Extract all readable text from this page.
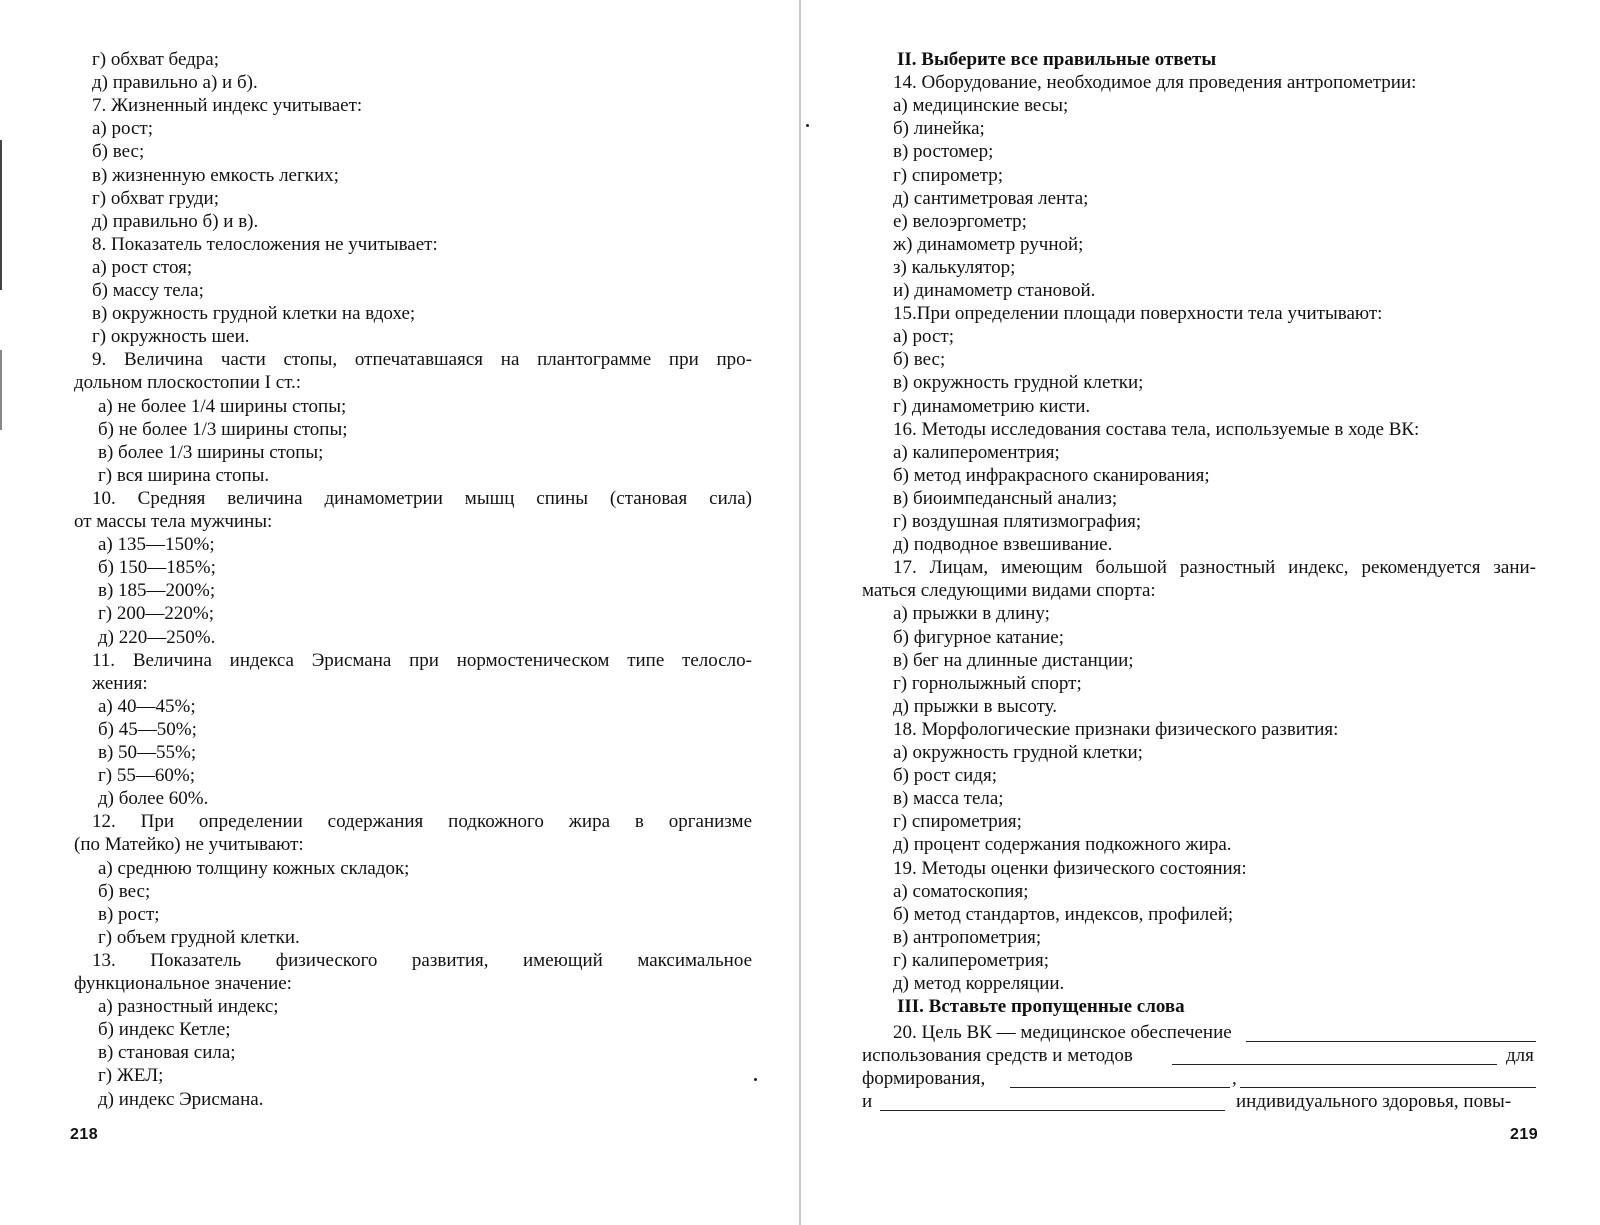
г) обхват бедра;
д) правильно а) и б).
7. Жизненный индекс учитывает:
а) рост;
б) вес;
в) жизненную емкость легких;
г) обхват груди;
д) правильно б) и в).
8. Показатель телосложения не учитывает:
а) рост стоя;
б) массу тела;
в) окружность грудной клетки на вдохе;
г) окружность шеи.
9. Величина части стопы, отпечатавшаяся на плантограмме при про-
дольном плоскостопии I ст.:
а) не более 1/4 ширины стопы;
б) не более 1/3 ширины стопы;
в) более 1/3 ширины стопы;
г) вся ширина стопы.
10. Средняя величина динамометрии мышц спины (становая сила)
от массы тела мужчины:
а) 135—150%;
б) 150—185%;
в) 185—200%;
г) 200—220%;
д) 220—250%.
11. Величина индекса Эрисмана при нормостеническом типе телосло-
жения:
а) 40—45%;
б) 45—50%;
в) 50—55%;
г) 55—60%;
д) более 60%.
12. При определении содержания подкожного жира в организме
(по Матейко) не учитывают:
а) среднюю толщину кожных складок;
б) вес;
в) рост;
г) объем грудной клетки.
13. Показатель физического развития, имеющий максимальное
функциональное значение:
а) разностный индекс;
б) индекс Кетле;
в) становая сила;
г) ЖЕЛ;
д) индекс Эрисмана.
II. Выберите все правильные ответы
14. Оборудование, необходимое для проведения антропометрии:
а) медицинские весы;
б) линейка;
в) ростомер;
г) спирометр;
д) сантиметровая лента;
е) велоэргометр;
ж) динамометр ручной;
з) калькулятор;
и) динамометр становой.
15.При определении площади поверхности тела учитывают:
а) рост;
б) вес;
в) окружность грудной клетки;
г) динамометрию кисти.
16. Методы исследования состава тела, используемые в ходе ВК:
а) калипероментрия;
б) метод инфракрасного сканирования;
в) биоимпедансный анализ;
г) воздушная плятизмография;
д) подводное взвешивание.
17. Лицам, имеющим большой разностный индекс, рекомендуется зани-
маться следующими видами спорта:
а) прыжки в длину;
б) фигурное катание;
в) бег на длинные дистанции;
г) горнолыжный спорт;
д) прыжки в высоту.
18. Морфологические признаки физического развития:
а) окружность грудной клетки;
б) рост сидя;
в) масса тела;
г) спирометрия;
д) процент содержания подкожного жира.
19. Методы оценки физического состояния:
а) соматоскопия;
б) метод стандартов, индексов, профилей;
в) антропометрия;
г) калиперометрия;
д) метод корреляции.
III. Вставьте пропущенные слова
218	219
20. Цель ВК — медицинское обеспечение
использования средств и методов	для
формирования,	,
и	индивидуального здоровья, повы-
